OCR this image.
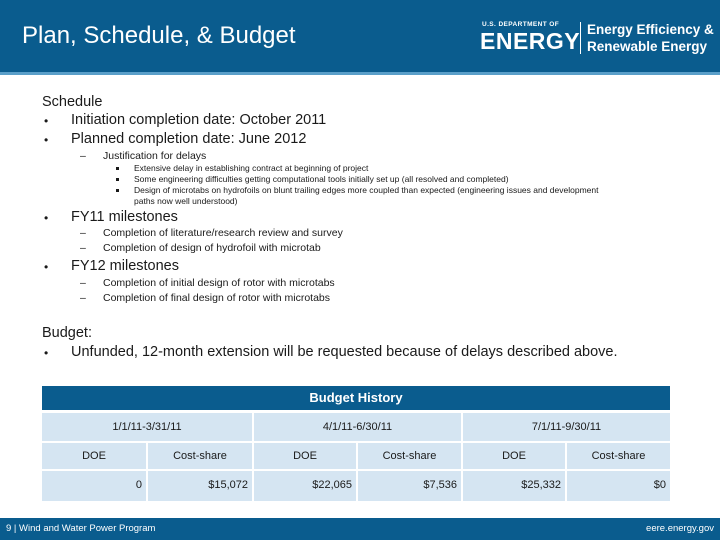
Plan, Schedule, & Budget	U.S. DEPARTMENT OF
ENERGY Energy Efficiency &
Renewable Energy
Schedule
• Initiation completion date: October 2011
• Planned completion date: June 2012
– Justification for delays
Extensive delay in establishing contract at beginning of project
Some engineering difficulties getting computational tools initially set up (all resolved and completed)
Design of microtabs on hydrofoils on blunt trailing edges more coupled than expected (engineering issues and development
paths now well understood)
• FY11 milestones
– Completion of literature/research review and survey
– Completion of design of hydrofoil with microtab
• FY12 milestones
– Completion of initial design of rotor with microtabs
– Completion of final design of rotor with microtabs
Budget:
• Unfunded, 12-month extension will be requested because of delays described above.
Budget History
1/1/11-3/31/11	4/1/11-6/30/11	7/1/11-9/30/11
DOE	Cost-share	DOE	Cost-share	DOE	Cost-share
0	$15,072	$22,065	$7,536	$25,332	$0
9 | Wind and Water Power Program	eere.energy.gov
